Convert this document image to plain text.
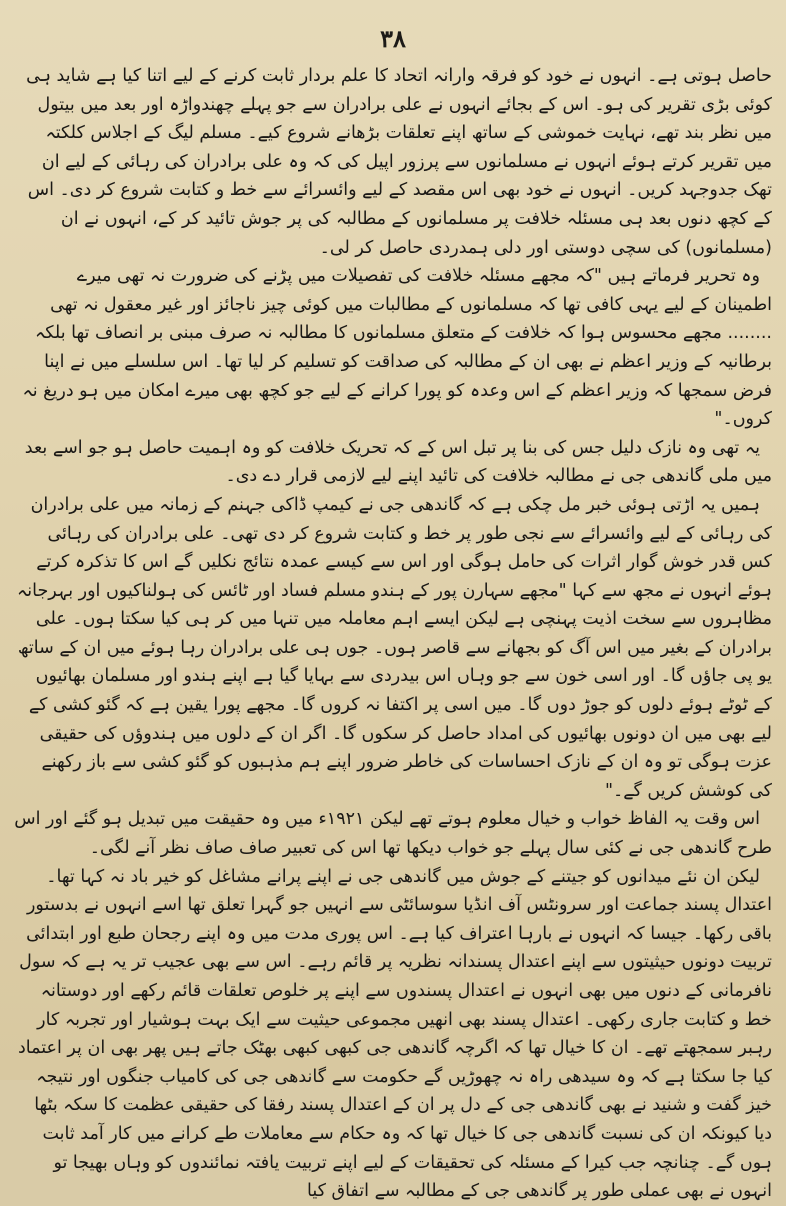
۳۸

حاصل ہوتی ہے۔ انہوں نے خود کو فرقہ وارانہ اتحاد کا علم بردار ثابت کرنے کے لیے اتنا کیا ہے شاید ہی کوئی بڑی تقریر کی ہو۔ اس کے بجائے انہوں نے علی برادران سے جو پہلے چھندواڑہ اور بعد میں بیتول میں نظر بند تھے، نہایت خموشی کے ساتھ اپنے تعلقات بڑھانے شروع کیے۔ مسلم لیگ کے اجلاس کلکتہ میں تقریر کرتے ہوئے انہوں نے مسلمانوں سے پرزور اپیل کی کہ وہ علی برادران کی رہائی کے لیے ان تھک جدوجہد کریں۔ انہوں نے خود بھی اس مقصد کے لیے وائسرائے سے خط و کتابت شروع کر دی۔ اس کے کچھ دنوں بعد ہی مسئلہ خلافت پر مسلمانوں کے مطالبہ کی پر جوش تائید کر کے، انہوں نے ان (مسلمانوں) کی سچی دوستی اور دلی ہمدردی حاصل کر لی۔

وہ تحریر فرماتے ہیں "کہ مجھے مسئلہ خلافت کی تفصیلات میں پڑنے کی ضرورت نہ تھی میرے اطمینان کے لیے یہی کافی تھا کہ مسلمانوں کے مطالبات میں کوئی چیز ناجائز اور غیر معقول نہ تھی ........ مجھے محسوس ہوا کہ خلافت کے متعلق مسلمانوں کا مطالبہ نہ صرف مبنی بر انصاف تھا بلکہ برطانیہ کے وزیر اعظم نے بھی ان کے مطالبہ کی صداقت کو تسلیم کر لیا تھا۔ اس سلسلے میں نے اپنا فرض سمجھا کہ وزیر اعظم کے اس وعدہ کو پورا کرانے کے لیے جو کچھ بھی میرے امکان میں ہو دریغ نہ کروں۔"

یہ تھی وہ نازک دلیل جس کی بنا پر تبل اس کے کہ تحریک خلافت کو وہ اہمیت حاصل ہو جو اسے بعد میں ملی گاندھی جی نے مطالبہ خلافت کی تائید اپنے لیے لازمی قرار دے دی۔

ہمیں یہ اڑتی ہوئی خبر مل چکی ہے کہ گاندھی جی نے کیمپ ڈاکی جہنم کے زمانہ میں علی برادران کی رہائی کے لیے وائسرائے سے نجی طور پر خط و کتابت شروع کر دی تھی۔ علی برادران کی رہائی کس قدر خوش گوار اثرات کی حامل ہوگی اور اس سے کیسے عمدہ نتائج نکلیں گے اس کا تذکرہ کرتے ہوئے انہوں نے مجھ سے کہا "مجھے سہارن پور کے ہندو مسلم فساد اور ٹائس کی ہولناکیوں اور بہرجانہ مظاہروں سے سخت اذیت پہنچی ہے لیکن ایسے اہم معاملہ میں تنہا میں کر ہی کیا سکتا ہوں۔ علی برادران کے بغیر میں اس آگ کو بجھانے سے قاصر ہوں۔ جوں ہی علی برادران رہا ہوئے میں ان کے ساتھ یو پی جاؤں گا۔ اور اسی خون سے جو وہاں اس بیدردی سے بہایا گیا ہے اپنے ہندو اور مسلمان بھائیوں کے ٹوٹے ہوئے دلوں کو جوڑ دوں گا۔ میں اسی پر اکتفا نہ کروں گا۔ مجھے پورا یقین ہے کہ گئو کشی کے لیے بھی میں ان دونوں بھائیوں کی امداد حاصل کر سکوں گا۔ اگر ان کے دلوں میں ہندوؤں کی حقیقی عزت ہوگی تو وہ ان کے نازک احساسات کی خاطر ضرور اپنے ہم مذہبوں کو گئو کشی سے باز رکھنے کی کوشش کریں گے۔"

اس وقت یہ الفاظ خواب و خیال معلوم ہوتے تھے لیکن ۱۹۲۱ء میں وہ حقیقت میں تبدیل ہو گئے اور اس طرح گاندھی جی نے کئی سال پہلے جو خواب دیکھا تھا اس کی تعبیر صاف صاف نظر آنے لگی۔

لیکن ان نئے میدانوں کو جیتنے کے جوش میں گاندھی جی نے اپنے پرانے مشاغل کو خیر باد نہ کہا تھا۔ اعتدال پسند جماعت اور سرونٹس آف انڈیا سوسائٹی سے انہیں جو گہرا تعلق تھا اسے انہوں نے بدستور باقی رکھا۔ جیسا کہ انہوں نے بارہا اعتراف کیا ہے۔ اس پوری مدت میں وہ اپنے رجحان طبع اور ابتدائی تربیت دونوں حیثیتوں سے اپنے اعتدال پسندانہ نظریہ پر قائم رہے۔ اس سے بھی عجیب تر یہ ہے کہ سول نافرمانی کے دنوں میں بھی انہوں نے اعتدال پسندوں سے اپنے پر خلوص تعلقات قائم رکھے اور دوستانہ خط و کتابت جاری رکھی۔ اعتدال پسند بھی انھیں مجموعی حیثیت سے ایک بہت ہوشیار اور تجربہ کار رہبر سمجھتے تھے۔ ان کا خیال تھا کہ اگرچہ گاندھی جی کبھی کبھی بھٹک جاتے ہیں پھر بھی ان پر اعتماد کیا جا سکتا ہے کہ وہ سیدھی راہ نہ چھوڑیں گے حکومت سے گاندھی جی کی کامیاب جنگوں اور نتیجہ خیز گفت و شنید نے بھی گاندھی جی کے دل پر ان کے اعتدال پسند رفقا کی حقیقی عظمت کا سکہ بٹھا دیا کیونکہ ان کی نسبت گاندھی جی کا خیال تھا کہ وہ حکام سے معاملات طے کرانے میں کار آمد ثابت ہوں گے۔ چنانچہ جب کیرا کے مسئلہ کی تحقیقات کے لیے اپنے تربیت یافتہ نمائندوں کو وہاں بھیجا تو انہوں نے بھی عملی طور پر گاندھی جی کے مطالبہ سے اتفاق کیا
